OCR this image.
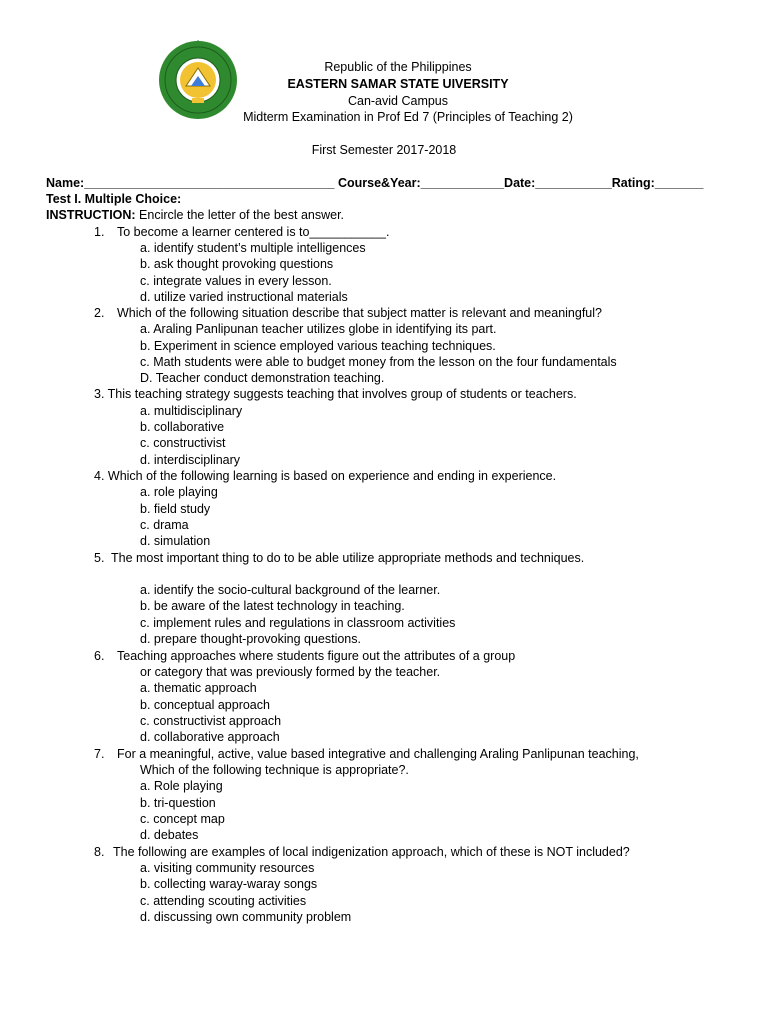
Republic of the Philippines
EASTERN SAMAR STATE UIVERSITY
Can-avid Campus
Midterm Examination in Prof Ed 7 (Principles of Teaching 2)
First Semester 2017-2018
Name:____________________________________ Course&Year:____________Date:___________Rating:_______
Test I. Multiple Choice:
INSTRUCTION: Encircle the letter of the best answer.
1. To become a learner centered is to___________.
a. identify student’s multiple intelligences
b. ask thought provoking questions
c. integrate values in every lesson.
d. utilize varied instructional materials
2. Which of the following situation describe that subject matter is relevant and meaningful?
a. Araling Panlipunan teacher utilizes globe in identifying its part.
b. Experiment in science employed various teaching techniques.
c. Math students were able to budget money from the lesson on the four fundamentals
D. Teacher conduct demonstration teaching.
3. This teaching strategy suggests teaching that involves group of students or teachers.
a. multidisciplinary
b. collaborative
c. constructivist
d. interdisciplinary
4. Which of the following learning is based on experience and ending in experience.
a. role playing
b. field study
c. drama
d. simulation
5. The most important thing to do to be able utilize appropriate methods and techniques.
a. identify the socio-cultural background of the learner.
b. be aware of the latest technology in teaching.
c. implement rules and regulations in classroom activities
d. prepare thought-provoking questions.
6. Teaching approaches where students figure out the attributes of a group
or category that was previously formed by the teacher.
a. thematic approach
b. conceptual approach
c. constructivist approach
d. collaborative approach
7. For a meaningful, active, value based integrative and challenging Araling Panlipunan teaching,
Which of the following technique is appropriate?.
a. Role playing
b. tri-question
c. concept map
d. debates
8. The following are examples of local indigenization approach, which of these is NOT included?
a. visiting community resources
b. collecting waray-waray songs
c. attending scouting activities
d. discussing own community problem
